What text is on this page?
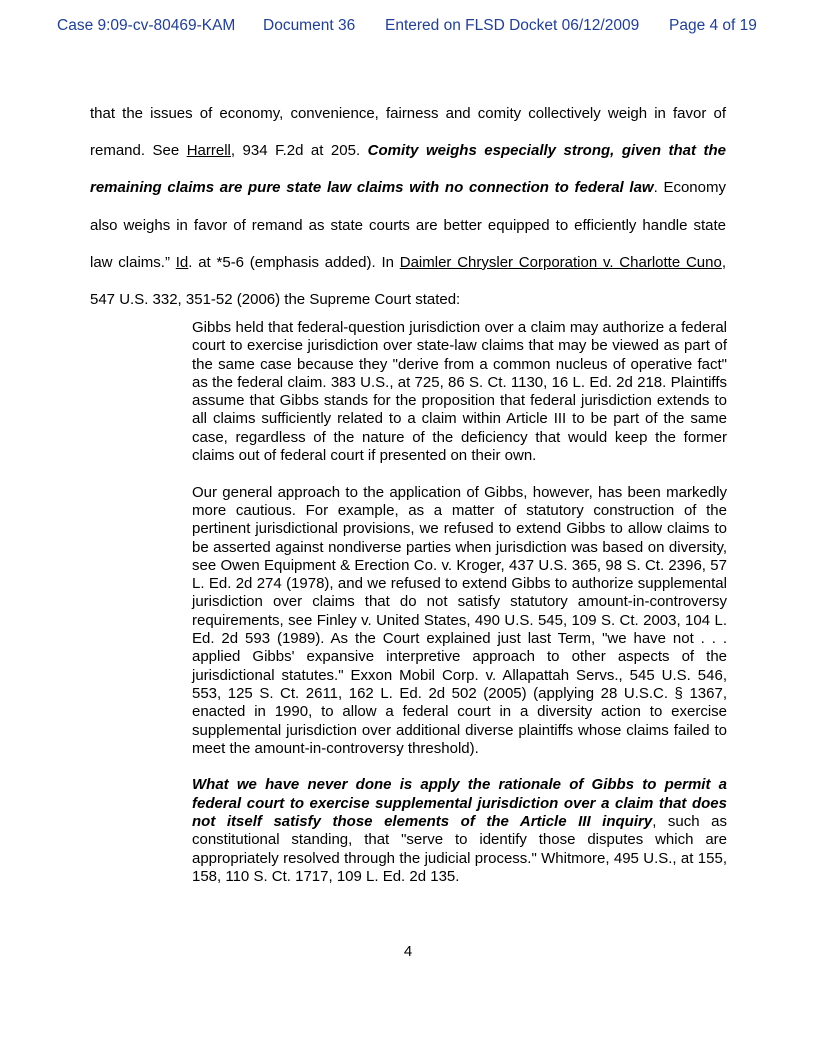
Case 9:09-cv-80469-KAM Document 36 Entered on FLSD Docket 06/12/2009 Page 4 of 19
that the issues of economy, convenience, fairness and comity collectively weigh in favor of
remand. See Harrell, 934 F.2d at 205. Comity weighs especially strong, given that the
remaining claims are pure state law claims with no connection to federal law. Economy
also weighs in favor of remand as state courts are better equipped to efficiently handle state
law claims.” Id. at *5-6 (emphasis added). In Daimler Chrysler Corporation v. Charlotte Cuno,
547 U.S. 332, 351-52 (2006) the Supreme Court stated:

Gibbs held that federal-question jurisdiction over a claim may authorize a federal court to exercise jurisdiction over state-law claims that may be viewed as part of the same case because they "derive from a common nucleus of operative fact" as the federal claim. 383 U.S., at 725, 86 S. Ct. 1130, 16 L. Ed. 2d 218. Plaintiffs assume that Gibbs stands for the proposition that federal jurisdiction extends to all claims sufficiently related to a claim within Article III to be part of the same case, regardless of the nature of the deficiency that would keep the former claims out of federal court if presented on their own.

Our general approach to the application of Gibbs, however, has been markedly more cautious. For example, as a matter of statutory construction of the pertinent jurisdictional provisions, we refused to extend Gibbs to allow claims to be asserted against nondiverse parties when jurisdiction was based on diversity, see Owen Equipment & Erection Co. v. Kroger, 437 U.S. 365, 98 S. Ct. 2396, 57 L. Ed. 2d 274 (1978), and we refused to extend Gibbs to authorize supplemental jurisdiction over claims that do not satisfy statutory amount-in-controversy requirements, see Finley v. United States, 490 U.S. 545, 109 S. Ct. 2003, 104 L. Ed. 2d 593 (1989). As the Court explained just last Term, "we have not . . . applied Gibbs' expansive interpretive approach to other aspects of the jurisdictional statutes." Exxon Mobil Corp. v. Allapattah Servs., 545 U.S. 546, 553, 125 S. Ct. 2611, 162 L. Ed. 2d 502 (2005) (applying 28 U.S.C. § 1367, enacted in 1990, to allow a federal court in a diversity action to exercise supplemental jurisdiction over additional diverse plaintiffs whose claims failed to meet the amount-in-controversy threshold).

What we have never done is apply the rationale of Gibbs to permit a federal court to exercise supplemental jurisdiction over a claim that does not itself satisfy those elements of the Article III inquiry, such as constitutional standing, that "serve to identify those disputes which are appropriately resolved through the judicial process." Whitmore, 495 U.S., at 155, 158, 110 S. Ct. 1717, 109 L. Ed. 2d 135.

4
